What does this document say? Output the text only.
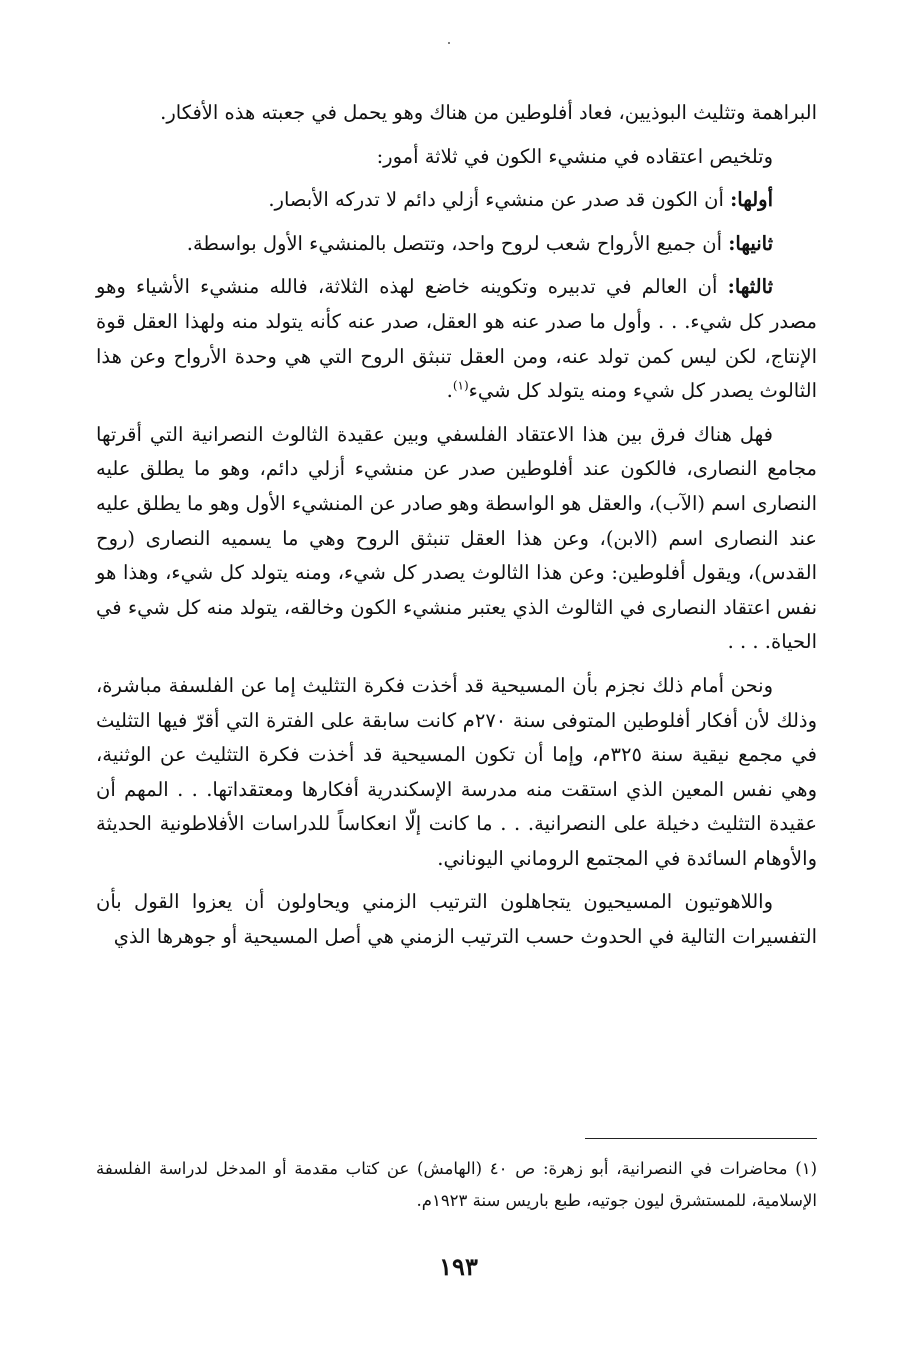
البراهمة وتثليث البوذيين، فعاد أفلوطين من هناك وهو يحمل في جعبته هذه الأفكار.

وتلخيص اعتقاده في منشيء الكون في ثلاثة أمور:

أولها: أن الكون قد صدر عن منشيء أزلي دائم لا تدركه الأبصار.

ثانيها: أن جميع الأرواح شعب لروح واحد، وتتصل بالمنشيء الأول بواسطة.

ثالثها: أن العالم في تدبيره وتكوينه خاضع لهذه الثلاثة، فالله منشيء الأشياء وهو مصدر كل شيء. . . وأول ما صدر عنه هو العقل، صدر عنه كأنه يتولد منه ولهذا العقل قوة الإنتاج، لكن ليس كمن تولد عنه، ومن العقل تنبثق الروح التي هي وحدة الأرواح وعن هذا الثالوث يصدر كل شيء ومنه يتولد كل شيء$^{(١)}$.

فهل هناك فرق بين هذا الاعتقاد الفلسفي وبين عقيدة الثالوث النصرانية التي أقرتها مجامع النصارى، فالكون عند أفلوطين صدر عن منشيء أزلي دائم، وهو ما يطلق عليه النصارى اسم (الآب)، والعقل هو الواسطة وهو صادر عن المنشيء الأول وهو ما يطلق عليه عند النصارى اسم (الابن)، وعن هذا العقل تنبثق الروح وهي ما يسميه النصارى (روح القدس)، ويقول أفلوطين: وعن هذا الثالوث يصدر كل شيء، ومنه يتولد كل شيء، وهذا هو نفس اعتقاد النصارى في الثالوث الذي يعتبر منشيء الكون وخالقه، يتولد منه كل شيء في الحياة. . . .

ونحن أمام ذلك نجزم بأن المسيحية قد أخذت فكرة التثليث إما عن الفلسفة مباشرة، وذلك لأن أفكار أفلوطين المتوفى سنة ٢٧٠م كانت سابقة على الفترة التي أقرّ فيها التثليث في مجمع نيقية سنة ٣٢٥م، وإما أن تكون المسيحية قد أخذت فكرة التثليث عن الوثنية، وهي نفس المعين الذي استقت منه مدرسة الإسكندرية أفكارها ومعتقداتها. . . المهم أن عقيدة التثليث دخيلة على النصرانية. . . ما كانت إلّا انعكاساً للدراسات الأفلاطونية الحديثة والأوهام السائدة في المجتمع الروماني اليوناني.

واللاهوتيون المسيحيون يتجاهلون الترتيب الزمني ويحاولون أن يعزوا القول بأن التفسيرات التالية في الحدوث حسب الترتيب الزمني هي أصل المسيحية أو جوهرها الذي

(١) محاضرات في النصرانية، أبو زهرة: ص ٤٠ (الهامش) عن كتاب مقدمة أو المدخل لدراسة الفلسفة الإسلامية، للمستشرق ليون جوتيه، طبع باريس سنة ١٩٢٣م.
١٩٣
